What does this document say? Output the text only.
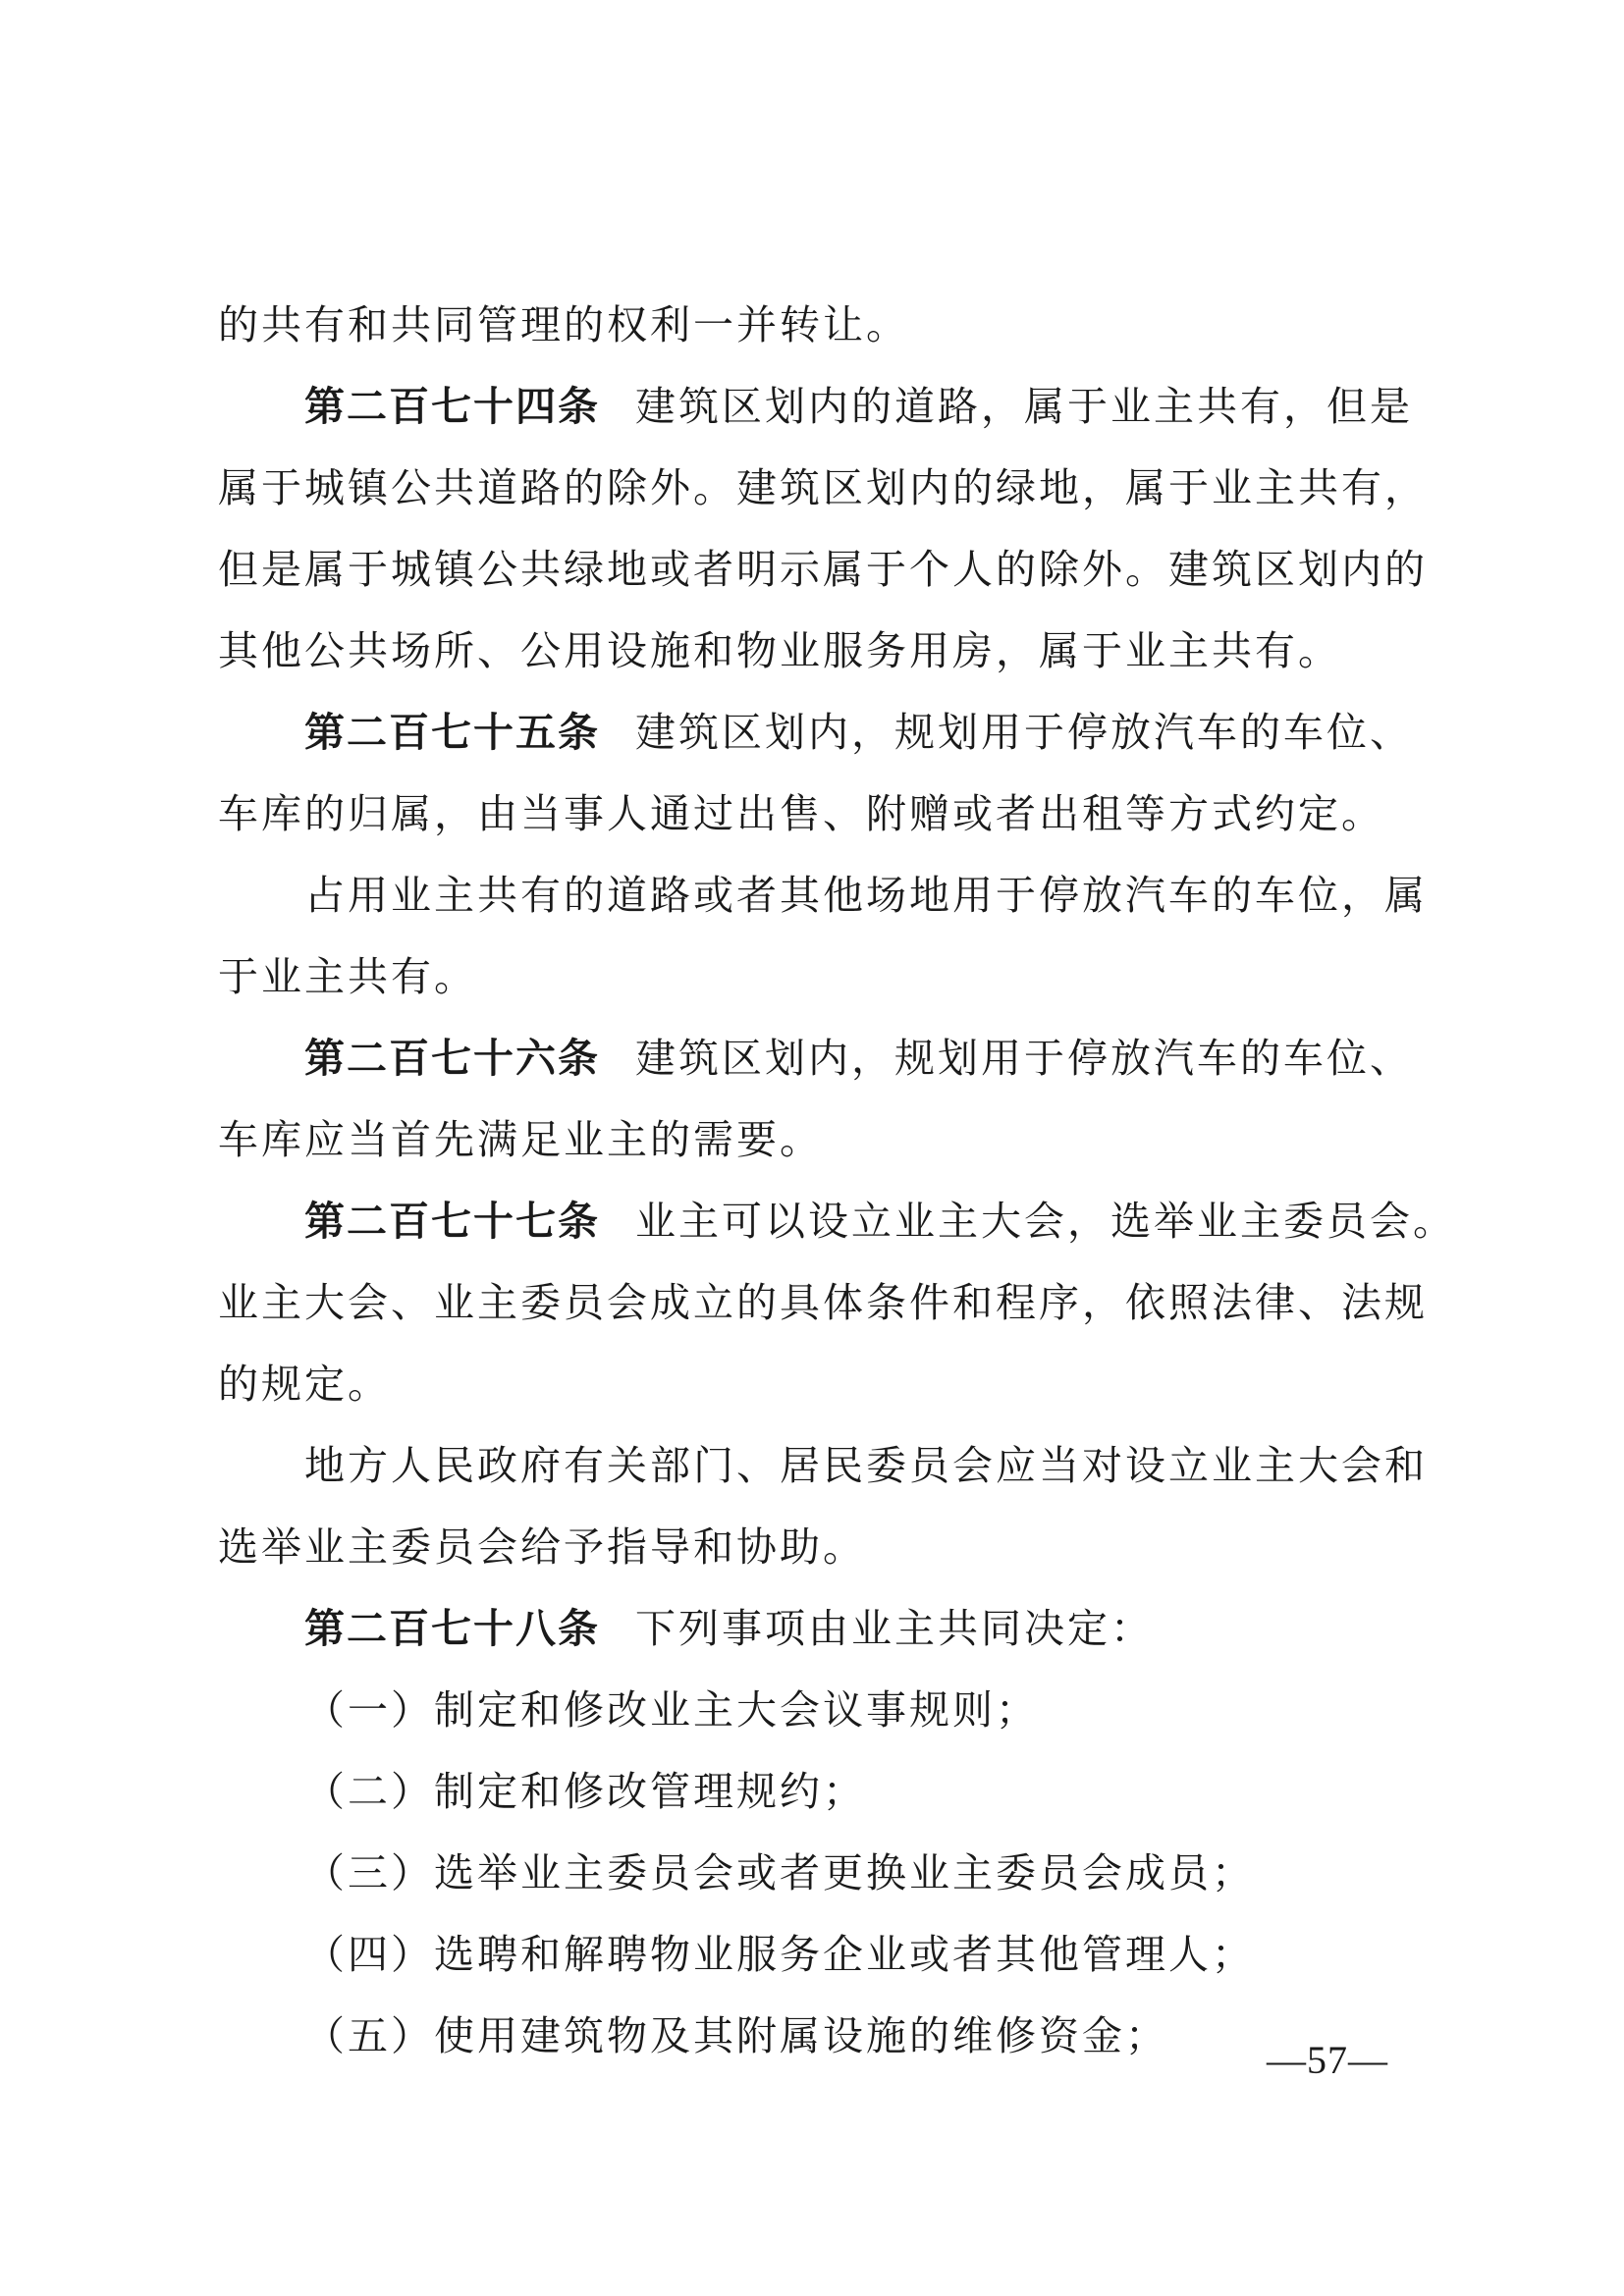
的共有和共同管理的权利一并转让。
第二百七十四条 建筑区划内的道路，属于业主共有，但是
属于城镇公共道路的除外。建筑区划内的绿地，属于业主共有，
但是属于城镇公共绿地或者明示属于个人的除外。建筑区划内的
其他公共场所、公用设施和物业服务用房，属于业主共有。
第二百七十五条 建筑区划内，规划用于停放汽车的车位、
车库的归属，由当事人通过出售、附赠或者出租等方式约定。
占用业主共有的道路或者其他场地用于停放汽车的车位，属
于业主共有。
第二百七十六条 建筑区划内，规划用于停放汽车的车位、
车库应当首先满足业主的需要。
第二百七十七条 业主可以设立业主大会，选举业主委员会。
业主大会、业主委员会成立的具体条件和程序，依照法律、法规
的规定。
地方人民政府有关部门、居民委员会应当对设立业主大会和
选举业主委员会给予指导和协助。
第二百七十八条 下列事项由业主共同决定：
（一）制定和修改业主大会议事规则；
（二）制定和修改管理规约；
（三）选举业主委员会或者更换业主委员会成员；
（四）选聘和解聘物业服务企业或者其他管理人；
（五）使用建筑物及其附属设施的维修资金；
—57—
